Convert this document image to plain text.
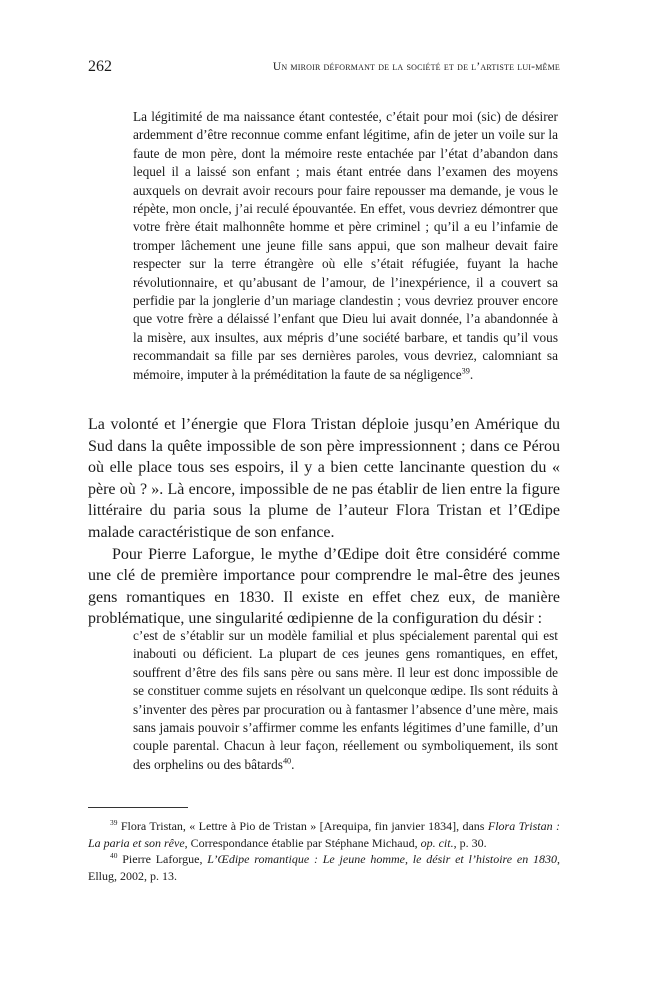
262	Un miroir déformant de la société et de l’artiste lui-même

La légitimité de ma naissance étant contestée, c’était pour moi (sic) de désirer ardemment d’être reconnue comme enfant légitime, afin de jeter un voile sur la faute de mon père, dont la mémoire reste entachée par l’état d’abandon dans lequel il a laissé son enfant ; mais étant entrée dans l’examen des moyens auxquels on devrait avoir recours pour faire repousser ma demande, je vous le répète, mon oncle, j’ai reculé épouvantée. En effet, vous devriez démontrer que votre frère était malhonnête homme et père criminel ; qu’il a eu l’infamie de tromper lâchement une jeune fille sans appui, que son malheur devait faire respecter sur la terre étrangère où elle s’était réfugiée, fuyant la hache révolutionnaire, et qu’abusant de l’amour, de l’inexpérience, il a couvert sa perfidie par la jonglerie d’un mariage clandestin ; vous devriez prouver encore que votre frère a délaissé l’enfant que Dieu lui avait donnée, l’a abandonnée à la misère, aux insultes, aux mépris d’une société barbare, et tandis qu’il vous recommandait sa fille par ses dernières paroles, vous devriez, calomniant sa mémoire, imputer à la préméditation la faute de sa négligence$^{39}$.

La volonté et l’énergie que Flora Tristan déploie jusqu’en Amérique du Sud dans la quête impossible de son père impressionnent ; dans ce Pérou où elle place tous ses espoirs, il y a bien cette lancinante question du « père où ? ». Là encore, impossible de ne pas établir de lien entre la figure littéraire du paria sous la plume de l’auteur Flora Tristan et l’Œdipe malade caractéristique de son enfance.

Pour Pierre Laforgue, le mythe d’Œdipe doit être considéré comme une clé de première importance pour comprendre le mal-être des jeunes gens romantiques en 1830. Il existe en effet chez eux, de manière problématique, une singularité œdipienne de la configuration du désir :

c’est de s’établir sur un modèle familial et plus spécialement parental qui est inabouti ou déficient. La plupart de ces jeunes gens romantiques, en effet, souffrent d’être des fils sans père ou sans mère. Il leur est donc impossible de se constituer comme sujets en résolvant un quelconque œdipe. Ils sont réduits à s’inventer des pères par procuration ou à fantasmer l’absence d’une mère, mais sans jamais pouvoir s’affirmer comme les enfants légitimes d’une famille, d’un couple parental. Chacun à leur façon, réellement ou symboliquement, ils sont des orphelins ou des bâtards$^{40}$.

$^{39}$ Flora Tristan, « Lettre à Pio de Tristan » [Arequipa, fin janvier 1834], dans Flora Tristan : La paria et son rêve, Correspondance établie par Stéphane Michaud, op. cit., p. 30.

$^{40}$ Pierre Laforgue, L’Œdipe romantique : Le jeune homme, le désir et l’histoire en 1830, Ellug, 2002, p. 13.
